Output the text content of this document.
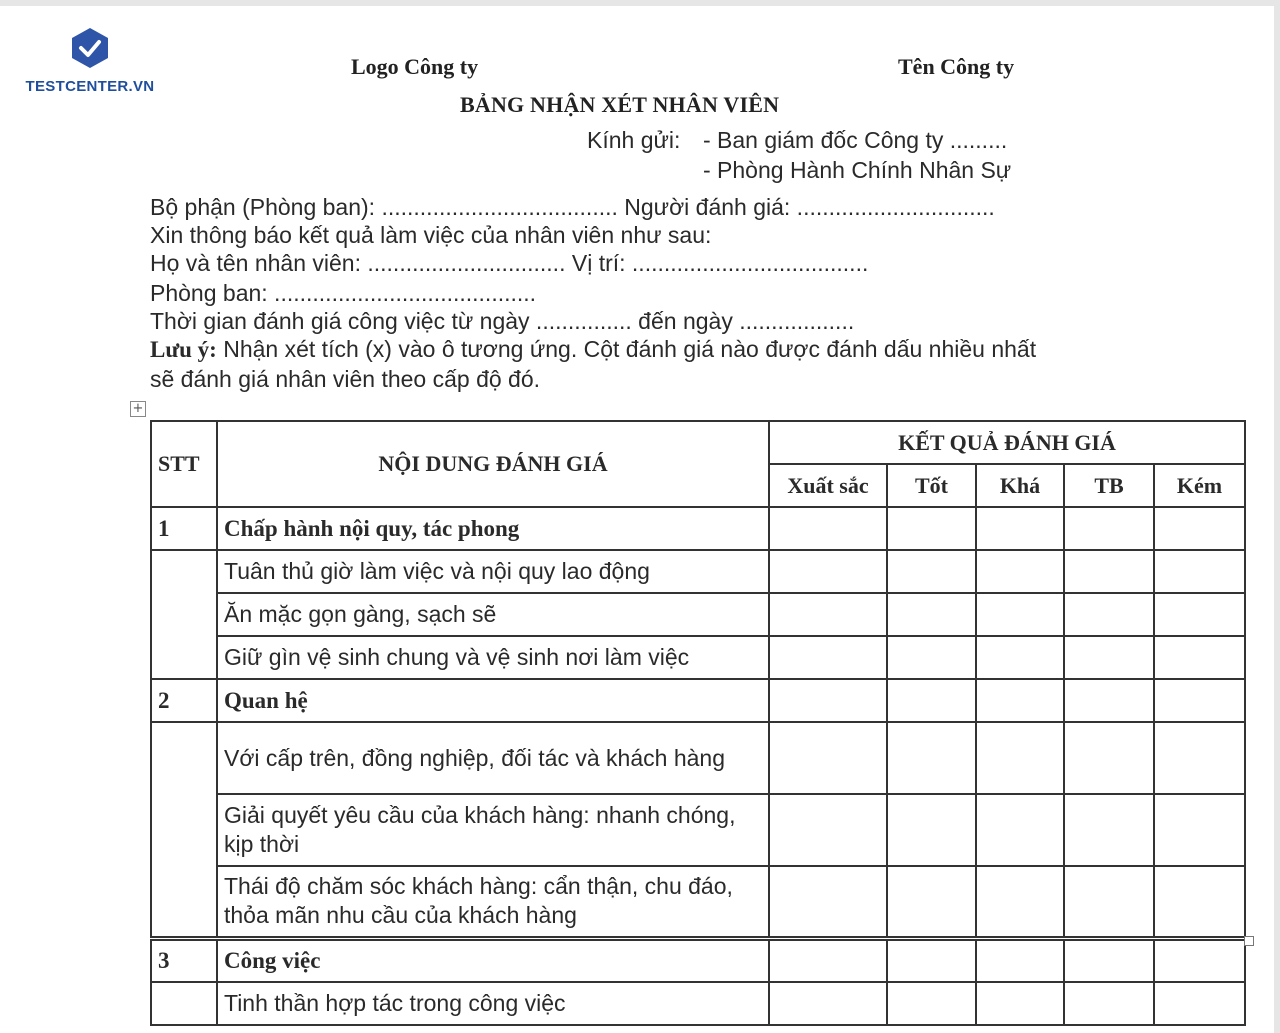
TESTCENTER.VN
Logo Công ty	Tên Công ty
BẢNG NHẬN XÉT NHÂN VIÊN
Kính gửi: - Ban giám đốc Công ty .........
- Phòng Hành Chính Nhân Sự
Bộ phận (Phòng ban): ..................................... Người đánh giá: ...............................
Xin thông báo kết quả làm việc của nhân viên như sau:
Họ và tên nhân viên: ............................... Vị trí: .....................................
Phòng ban: .........................................
Thời gian đánh giá công việc từ ngày ............... đến ngày ..................
Lưu ý: Nhận xét tích (x) vào ô tương ứng. Cột đánh giá nào được đánh dấu nhiều nhất
sẽ đánh giá nhân viên theo cấp độ đó.
+
STT	NỘI DUNG ĐÁNH GIÁ	KẾT QUẢ ĐÁNH GIÁ				
		Xuất sắc	Tốt	Khá	TB	Kém
1	Chấp hành nội quy, tác phong					
	Tuân thủ giờ làm việc và nội quy lao động					
	Ăn mặc gọn gàng, sạch sẽ					
	Giữ gìn vệ sinh chung và vệ sinh nơi làm việc					
2	Quan hệ					
	Với cấp trên, đồng nghiệp, đối tác và khách hàng					
	Giải quyết yêu cầu của khách hàng: nhanh chóng, kịp thời					
	Thái độ chăm sóc khách hàng: cẩn thận, chu đáo, thỏa mãn nhu cầu của khách hàng					
3	Công việc					
	Tinh thần hợp tác trong công việc					
